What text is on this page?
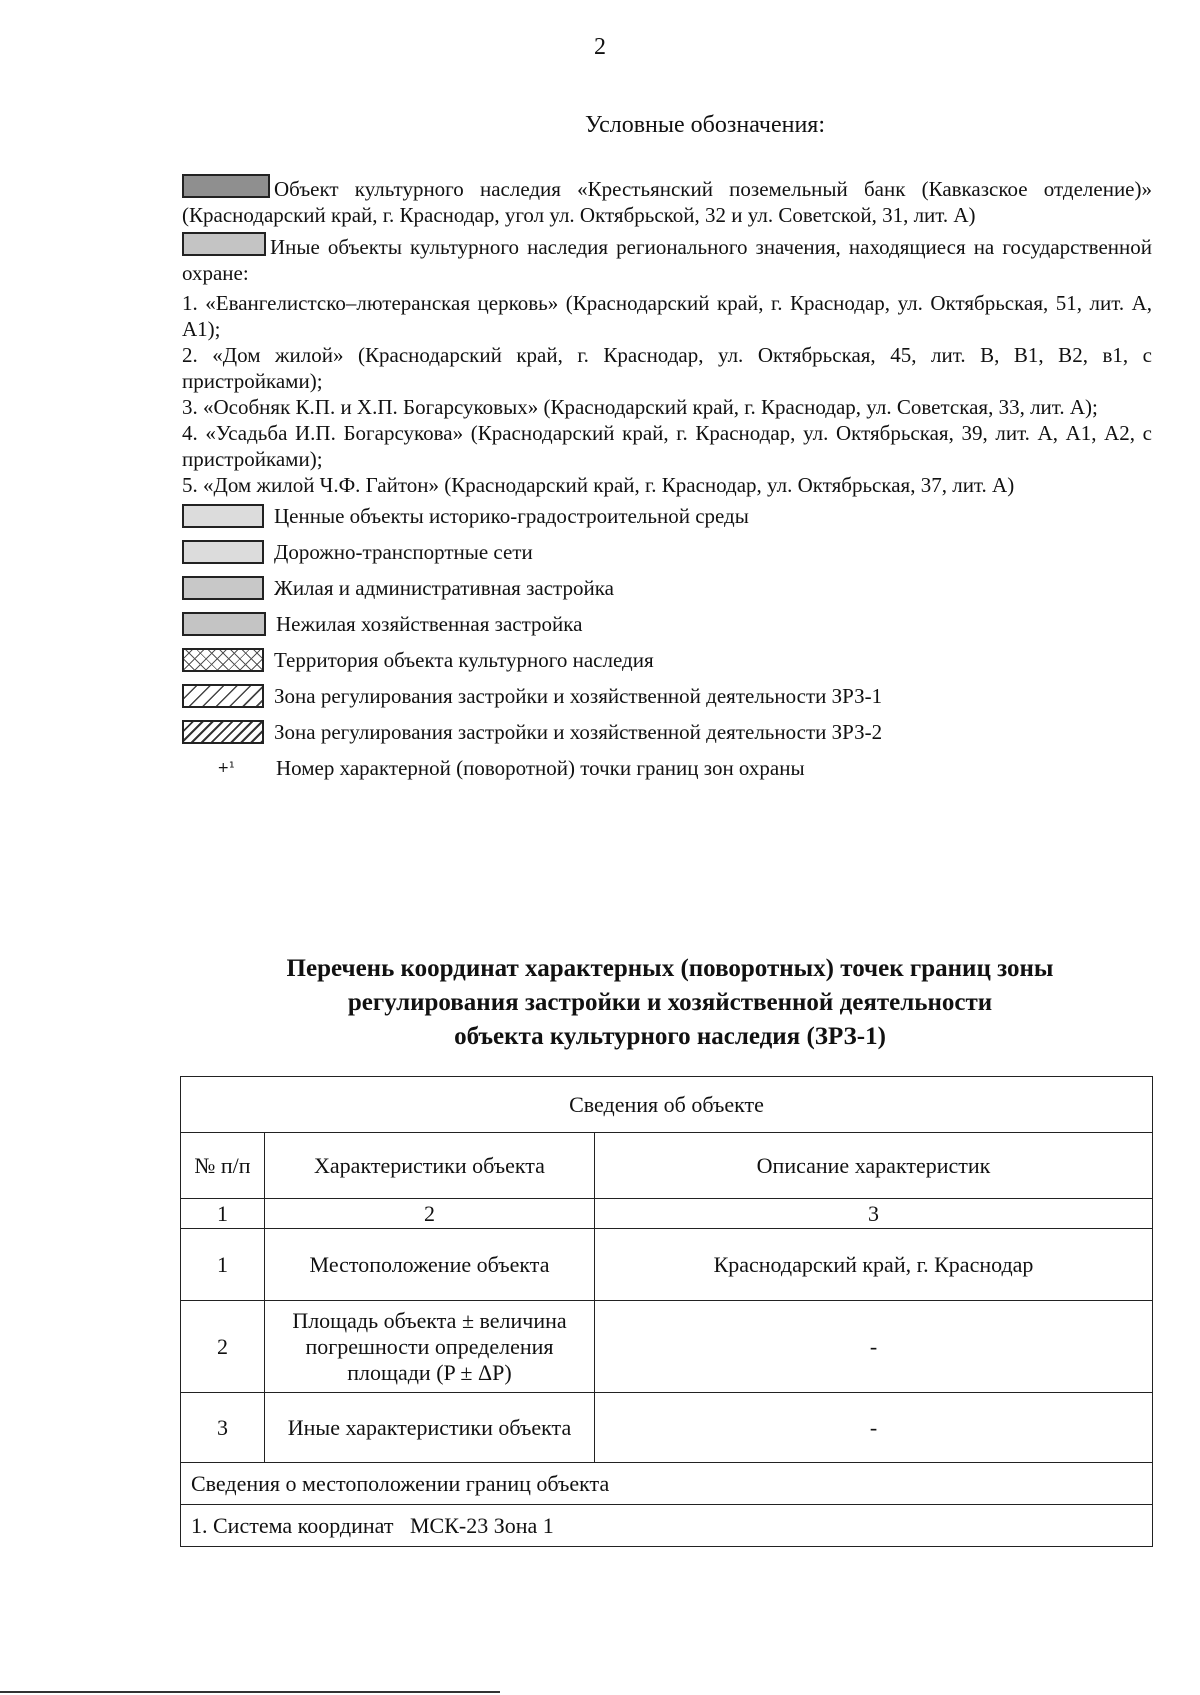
2
Условные обозначения:

Объект культурного наследия «Крестьянский поземельный банк (Кавказское отделение)» (Краснодарский край, г. Краснодар, угол ул. Октябрьской, 32 и ул. Советской, 31, лит. А)

Иные объекты культурного наследия регионального значения, находящиеся на государственной охране:

1. «Евангелистско–лютеранская церковь» (Краснодарский край, г. Краснодар, ул. Октябрьская, 51, лит. А, А1);

2. «Дом жилой» (Краснодарский край, г. Краснодар, ул. Октябрьская, 45, лит. В, В1, В2, в1, с пристройками);

3. «Особняк К.П. и Х.П. Богарсуковых» (Краснодарский край, г. Краснодар, ул. Советская, 33, лит. А);

4. «Усадьба И.П. Богарсукова» (Краснодарский край, г. Краснодар, ул. Октябрьская, 39, лит. А, А1, А2, с пристройками);

5. «Дом жилой Ч.Ф. Гайтон» (Краснодарский край, г. Краснодар, ул. Октябрьская, 37, лит. А)

Ценные объекты историко-градостроительной среды
Дорожно-транспортные сети
Жилая и административная застройка
Нежилая хозяйственная застройка
Территория объекта культурного наследия
Зона регулирования застройки и хозяйственной деятельности ЗРЗ-1
Зона регулирования застройки и хозяйственной деятельности ЗРЗ-2
+¹	Номер характерной (поворотной) точки границ зон охраны
Перечень координат характерных (поворотных) точек границ зоны
регулирования застройки и хозяйственной деятельности
объекта культурного наследия (ЗРЗ-1)
Сведения об объекте		
№ п/п	Характеристики объекта	Описание характеристик
1	2	3
1	Местоположение объекта	Краснодарский край, г. Краснодар
2	Площадь объекта ± величина погрешности определения площади (P ± ΔP)	-
3	Иные характеристики объекта	-
Сведения о местоположении границ объекта		
1. Система координат   МСК-23 Зона 1		
